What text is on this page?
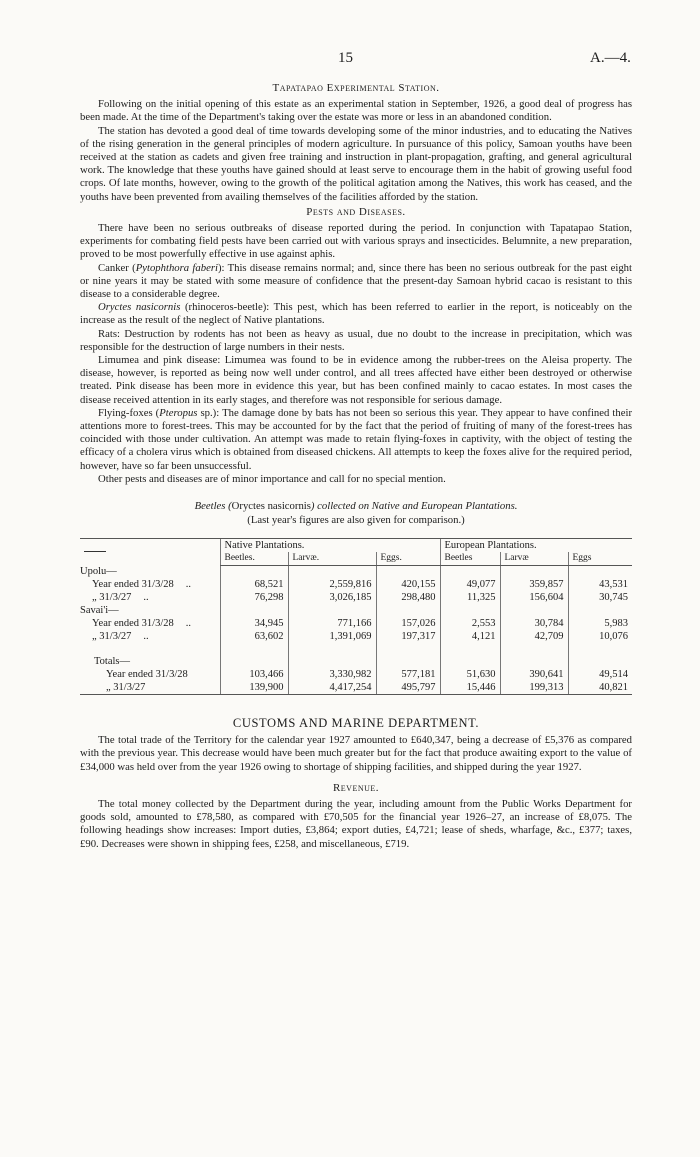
15	A.—4.
Tapatapao Experimental Station.

Following on the initial opening of this estate as an experimental station in September, 1926, a good deal of progress has been made. At the time of the Department's taking over the estate was more or less in an abandoned condition.

The station has devoted a good deal of time towards developing some of the minor industries, and to educating the Natives of the rising generation in the general principles of modern agriculture. In pursuance of this policy, Samoan youths have been received at the station as cadets and given free training and instruction in plant-propagation, grafting, and general agricultural work. The knowledge that these youths have gained should at least serve to encourage them in the habit of growing useful food crops. Of late months, however, owing to the growth of the political agitation among the Natives, this work has ceased, and the youths have been prevented from availing themselves of the facilities afforded by the station.

Pests and Diseases.

There have been no serious outbreaks of disease reported during the period. In conjunction with Tapatapao Station, experiments for combating field pests have been carried out with various sprays and insecticides. Belumnite, a new preparation, proved to be most powerfully effective in use against aphis.

Canker (Pytophthora faberi): This disease remains normal; and, since there has been no serious outbreak for the past eight or nine years it may be stated with some measure of confidence that the present-day Samoan hybrid cacao is resistant to this disease to a considerable degree.

Oryctes nasicornis (rhinoceros-beetle): This pest, which has been referred to earlier in the report, is noticeably on the increase as the result of the neglect of Native plantations.

Rats: Destruction by rodents has not been as heavy as usual, due no doubt to the increase in precipitation, which was responsible for the destruction of large numbers in their nests.

Limumea and pink disease: Limumea was found to be in evidence among the rubber-trees on the Aleisa property. The disease, however, is reported as being now well under control, and all trees affected have either been destroyed or otherwise treated. Pink disease has been more in evidence this year, but has been confined mainly to cacao estates. In most cases the disease received attention in its early stages, and therefore was not responsible for serious damage.

Flying-foxes (Pteropus sp.): The damage done by bats has not been so serious this year. They appear to have confined their attentions more to forest-trees. This may be accounted for by the fact that the period of fruiting of many of the forest-trees has coincided with those under cultivation. An attempt was made to retain flying-foxes in captivity, with the object of testing the efficacy of a cholera virus which is obtained from diseased chickens. All attempts to keep the foxes alive for the required period, however, have so far been unsuccessful.

Other pests and diseases are of minor importance and call for no special mention.

Beetles (Oryctes nasicornis) collected on Native and European Plantations.
(Last year's figures are also given for comparison.)
	Native Plantations.			European Plantations.		
	Beetles.	Larvæ.	Eggs.	Beetles	Larvæ	Eggs
Upolu—						
Year ended 31/3/28 ..	68,521	2,559,816	420,155	49,077	359,857	43,531
„ 31/3/27 ..	76,298	3,026,185	298,480	11,325	156,604	30,745
Savai'i—						
Year ended 31/3/28 ..	34,945	771,166	157,026	2,553	30,784	5,983
„ 31/3/27 ..	63,602	1,391,069	197,317	4,121	42,709	10,076

Totals—						
Year ended 31/3/28	103,466	3,330,982	577,181	51,630	390,641	49,514
„ 31/3/27	139,900	4,417,254	495,797	15,446	199,313	40,821
CUSTOMS AND MARINE DEPARTMENT.

The total trade of the Territory for the calendar year 1927 amounted to £640,347, being a decrease of £5,376 as compared with the previous year. This decrease would have been much greater but for the fact that produce awaiting export to the value of £34,000 was held over from the year 1926 owing to shortage of shipping facilities, and shipped during the year 1927.

Revenue.

The total money collected by the Department during the year, including amount from the Public Works Department for goods sold, amounted to £78,580, as compared with £70,505 for the financial year 1926–27, an increase of £8,075. The following headings show increases: Import duties, £3,864; export duties, £4,721; lease of sheds, wharfage, &c., £377; taxes, £90. Decreases were shown in shipping fees, £258, and miscellaneous, £719.
